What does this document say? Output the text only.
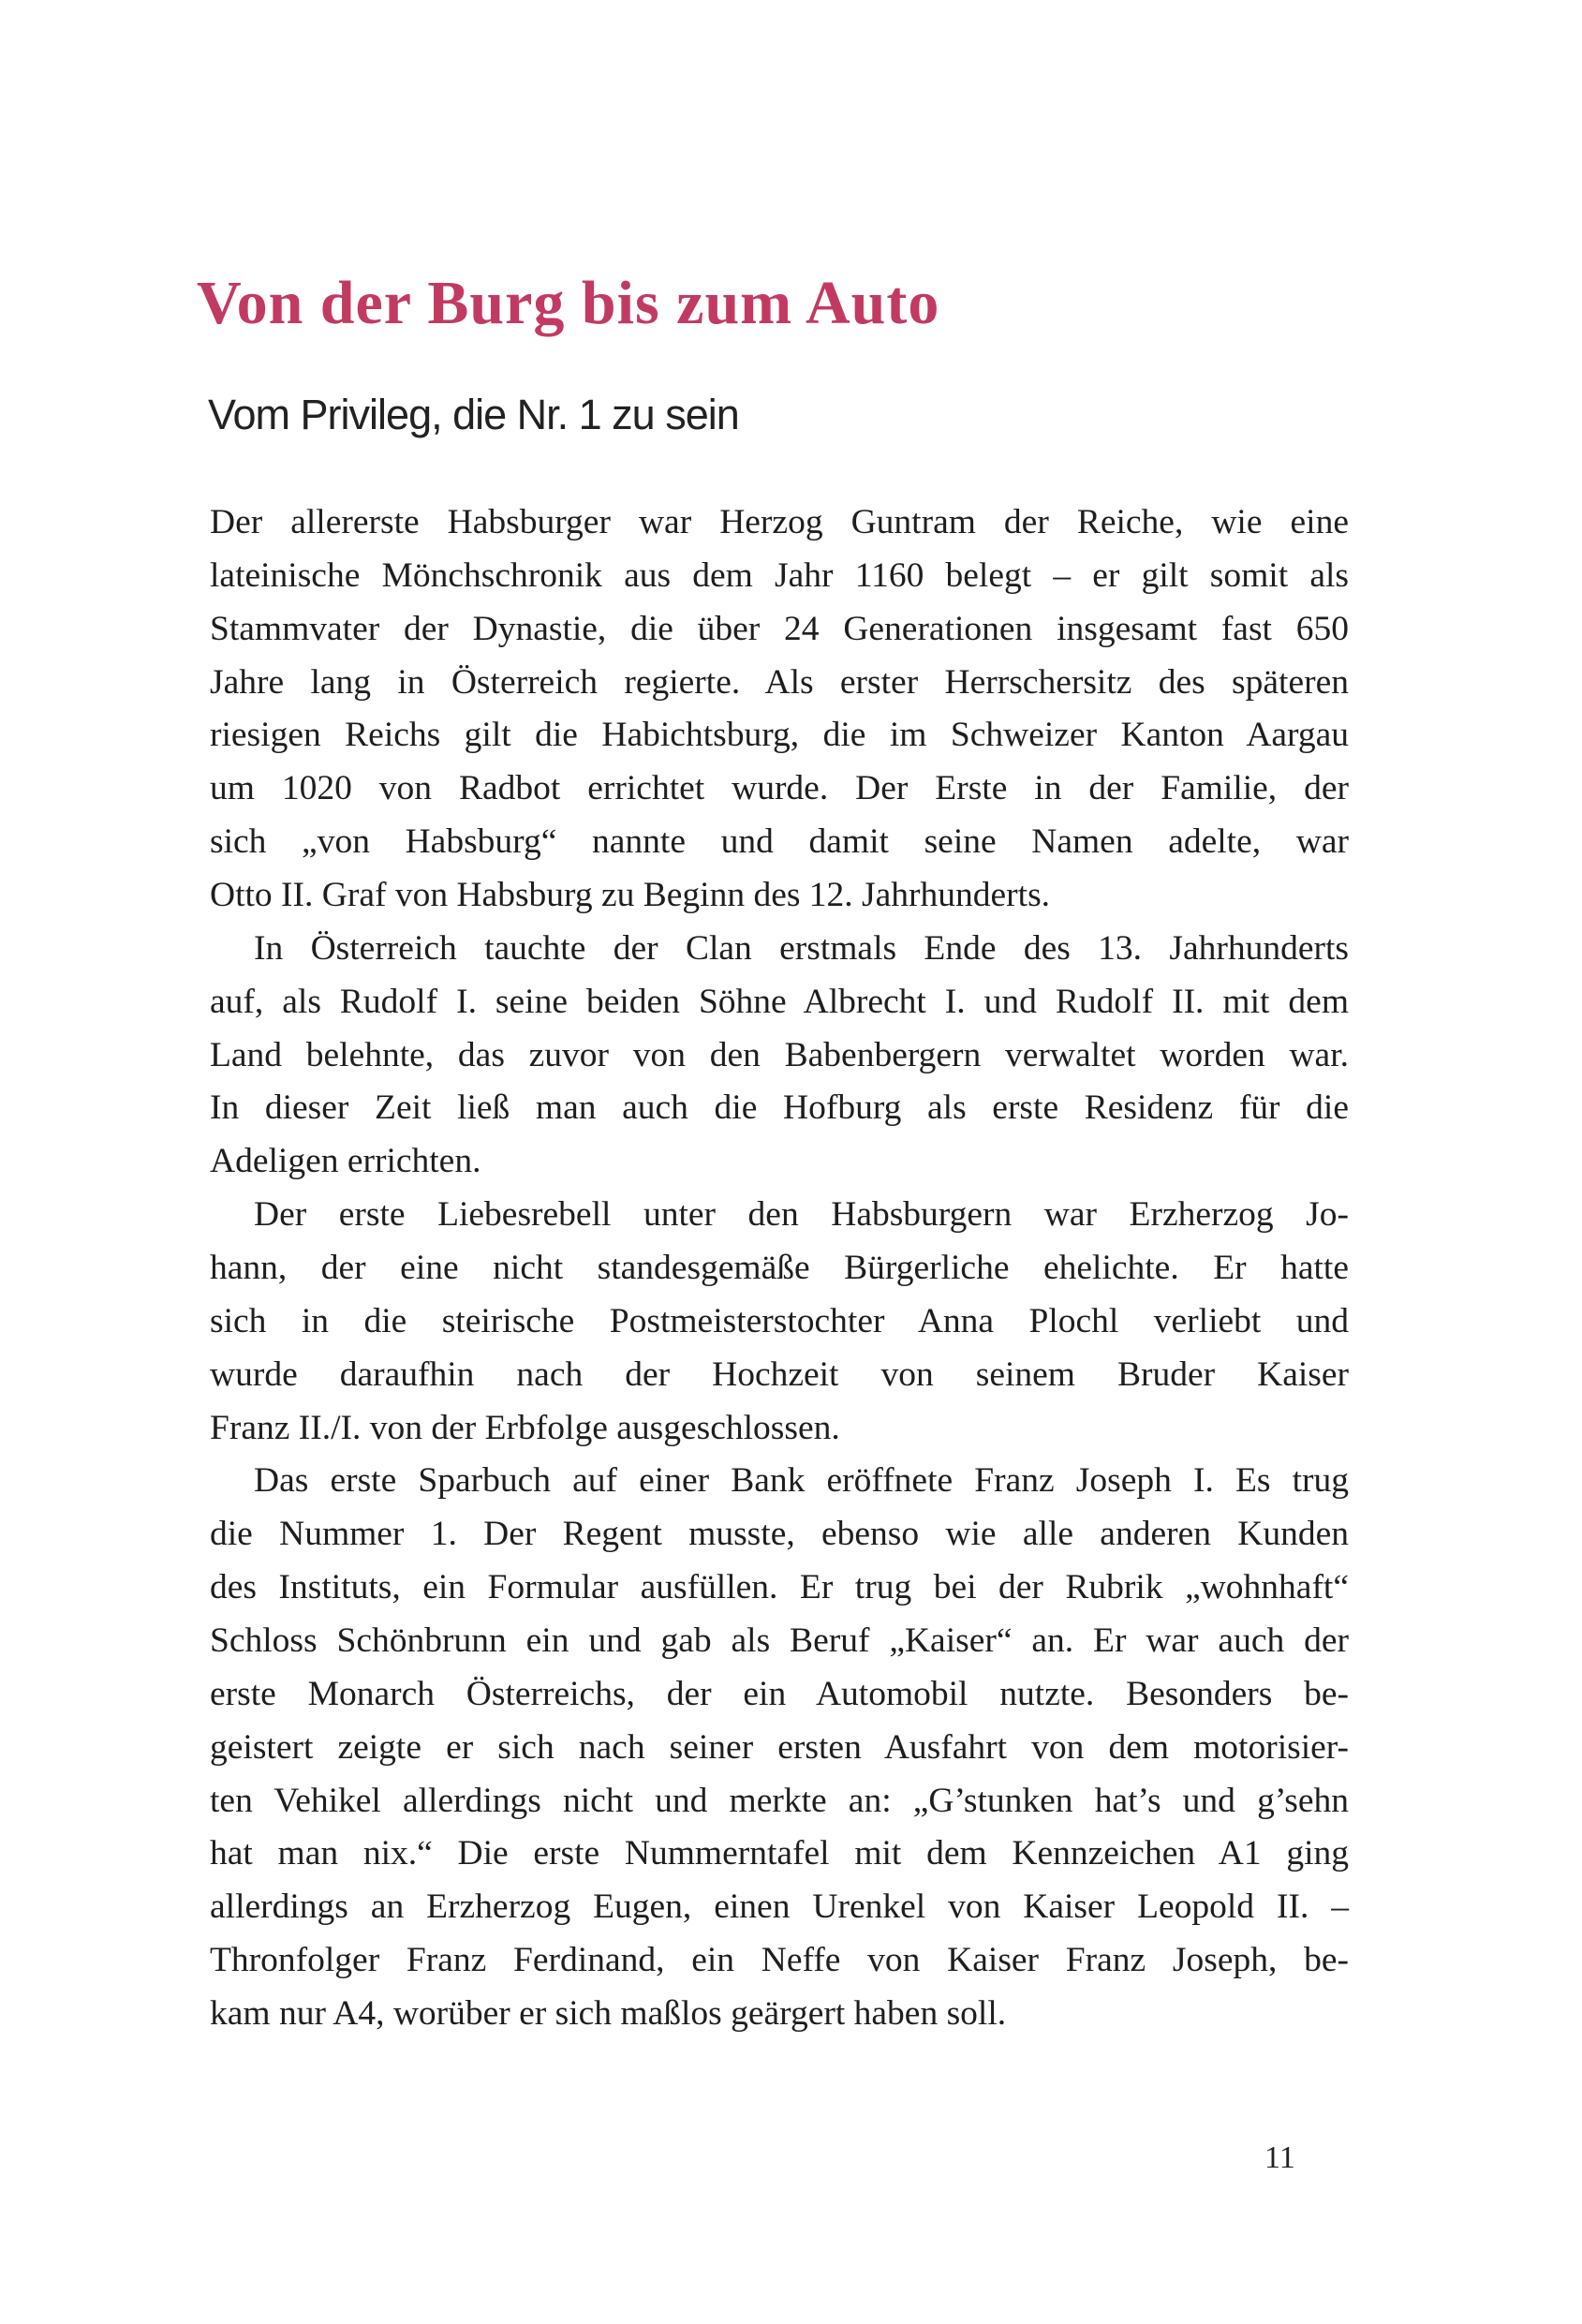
Von der Burg bis zum Auto
Vom Privileg, die Nr. 1 zu sein
Der allererste Habsburger war Herzog Guntram der Reiche, wie eine
lateinische Mönchschronik aus dem Jahr 1160 belegt – er gilt somit als
Stammvater der Dynastie, die über 24 Generationen insgesamt fast 650
Jahre lang in Österreich regierte. Als erster Herrschersitz des späteren
riesigen Reichs gilt die Habichtsburg, die im Schweizer Kanton Aargau
um 1020 von Radbot errichtet wurde. Der Erste in der Familie, der
sich „von Habsburg“ nannte und damit seine Namen adelte, war
Otto II. Graf von Habsburg zu Beginn des 12. Jahrhunderts.
In Österreich tauchte der Clan erstmals Ende des 13. Jahrhunderts
auf, als Rudolf I. seine beiden Söhne Albrecht I. und Rudolf II. mit dem
Land belehnte, das zuvor von den Babenbergern verwaltet worden war.
In dieser Zeit ließ man auch die Hofburg als erste Residenz für die
Adeligen errichten.
Der erste Liebesrebell unter den Habsburgern war Erzherzog Jo-
hann, der eine nicht standesgemäße Bürgerliche ehelichte. Er hatte
sich in die steirische Postmeisterstochter Anna Plochl verliebt und
wurde daraufhin nach der Hochzeit von seinem Bruder Kaiser
Franz II./I. von der Erbfolge ausgeschlossen.
Das erste Sparbuch auf einer Bank eröffnete Franz Joseph I. Es trug
die Nummer 1. Der Regent musste, ebenso wie alle anderen Kunden
des Instituts, ein Formular ausfüllen. Er trug bei der Rubrik „wohnhaft“
Schloss Schönbrunn ein und gab als Beruf „Kaiser“ an. Er war auch der
erste Monarch Österreichs, der ein Automobil nutzte. Besonders be-
geistert zeigte er sich nach seiner ersten Ausfahrt von dem motorisier-
ten Vehikel allerdings nicht und merkte an: „G’stunken hat’s und g’sehn
hat man nix.“ Die erste Nummerntafel mit dem Kennzeichen A1 ging
allerdings an Erzherzog Eugen, einen Urenkel von Kaiser Leopold II. –
Thronfolger Franz Ferdinand, ein Neffe von Kaiser Franz Joseph, be-
kam nur A4, worüber er sich maßlos geärgert haben soll.
11
